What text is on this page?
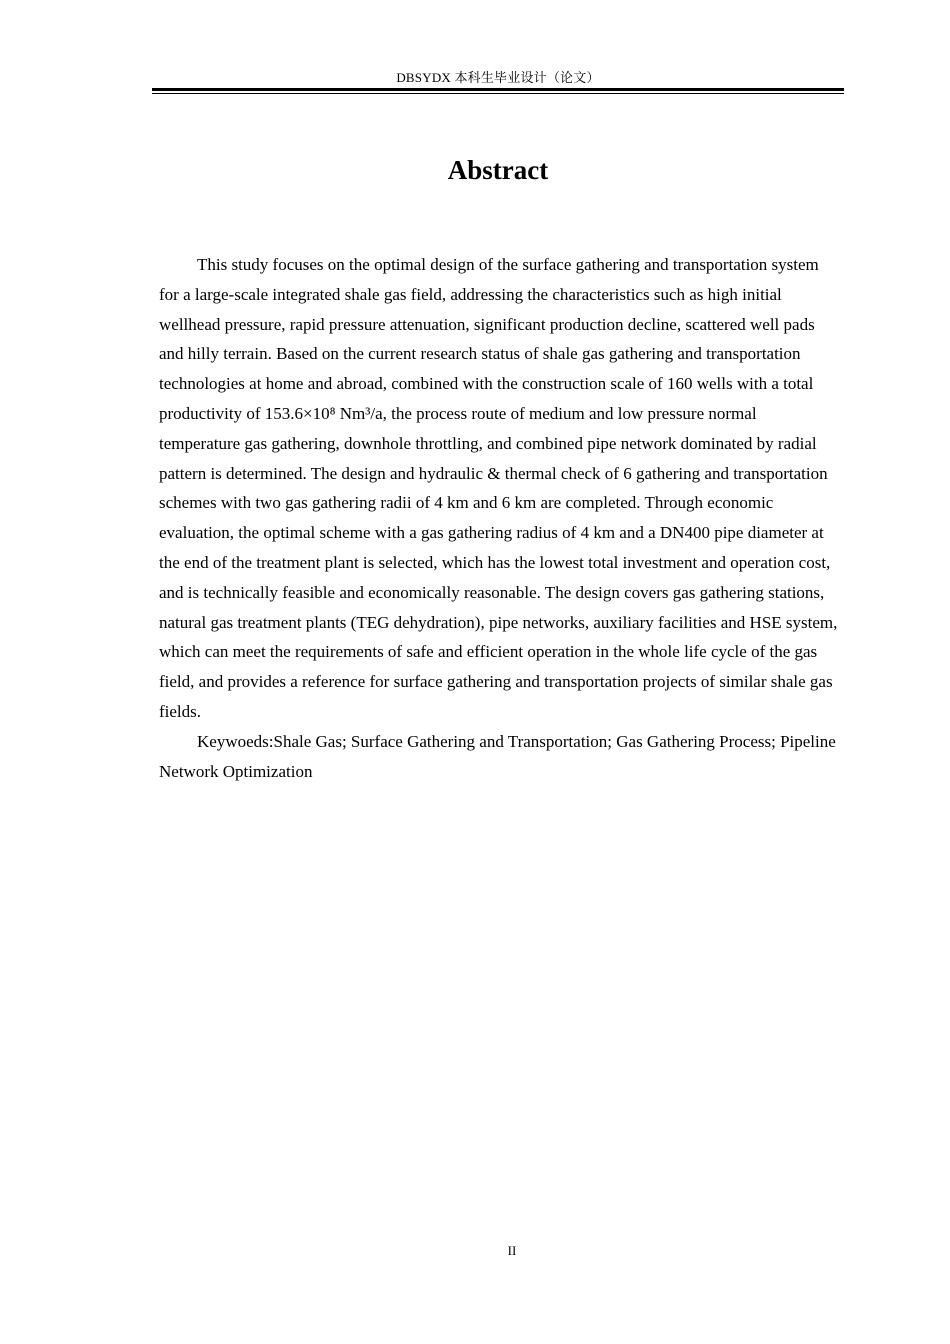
DBSYDX 本科生毕业设计（论文）
Abstract

This study focuses on the optimal design of the surface gathering and transportation system for a large-scale integrated shale gas field, addressing the characteristics such as high initial wellhead pressure, rapid pressure attenuation, significant production decline, scattered well pads and hilly terrain. Based on the current research status of shale gas gathering and transportation technologies at home and abroad, combined with the construction scale of 160 wells with a total productivity of 153.6×10⁸ Nm³/a, the process route of medium and low pressure normal temperature gas gathering, downhole throttling, and combined pipe network dominated by radial pattern is determined. The design and hydraulic & thermal check of 6 gathering and transportation schemes with two gas gathering radii of 4 km and 6 km are completed. Through economic evaluation, the optimal scheme with a gas gathering radius of 4 km and a DN400 pipe diameter at the end of the treatment plant is selected, which has the lowest total investment and operation cost, and is technically feasible and economically reasonable. The design covers gas gathering stations, natural gas treatment plants (TEG dehydration), pipe networks, auxiliary facilities and HSE system, which can meet the requirements of safe and efficient operation in the whole life cycle of the gas field, and provides a reference for surface gathering and transportation projects of similar shale gas fields.

Keywoeds:Shale Gas; Surface Gathering and Transportation; Gas Gathering Process; Pipeline Network Optimization

II
